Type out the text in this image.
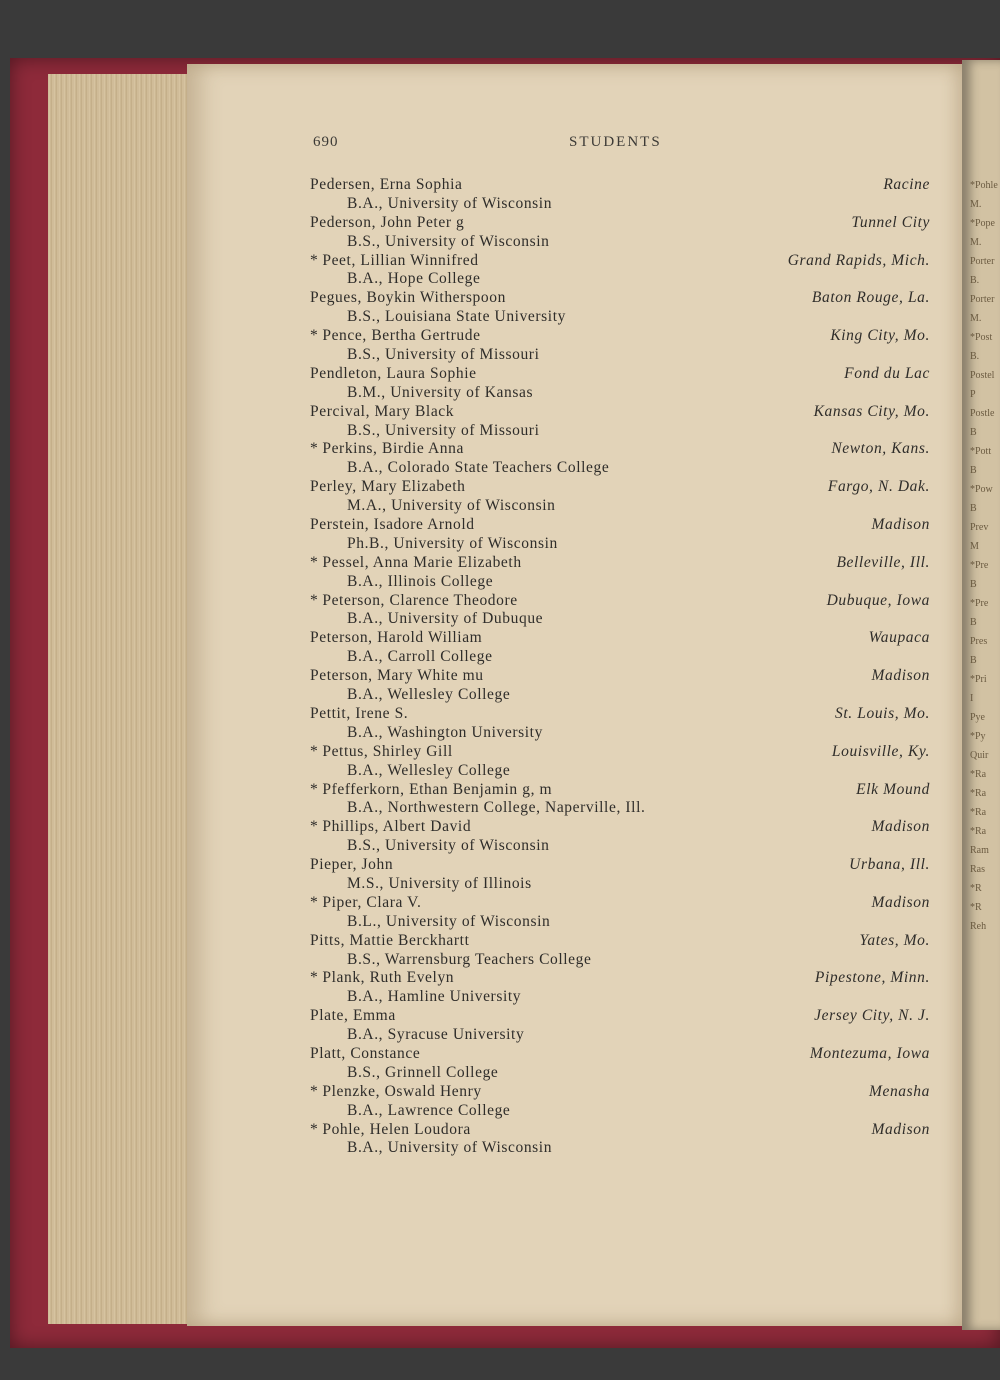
*Pohle
M.
*Pope
M.
Porter
B.
Porter
M.
*Post
B.
Postel
P
Postle
B
*Pott
B
*Pow
B
Prev
M
*Pre
B
*Pre
B
Pres
B
*Pri
I
Pye
*Py
Quir
*Ra
*Ra
*Ra
*Ra
Ram
Ras
*R
*R
Reh
690	STUDENTS
Pedersen, Erna Sophia	Racine
B.A., University of Wisconsin
Pederson, John Peter g	Tunnel City
B.S., University of Wisconsin
* Peet, Lillian Winnifred	Grand Rapids, Mich.
B.A., Hope College
Pegues, Boykin Witherspoon	Baton Rouge, La.
B.S., Louisiana State University
* Pence, Bertha Gertrude	King City, Mo.
B.S., University of Missouri
Pendleton, Laura Sophie	Fond du Lac
B.M., University of Kansas
Percival, Mary Black	Kansas City, Mo.
B.S., University of Missouri
* Perkins, Birdie Anna	Newton, Kans.
B.A., Colorado State Teachers College
Perley, Mary Elizabeth	Fargo, N. Dak.
M.A., University of Wisconsin
Perstein, Isadore Arnold	Madison
Ph.B., University of Wisconsin
* Pessel, Anna Marie Elizabeth	Belleville, Ill.
B.A., Illinois College
* Peterson, Clarence Theodore	Dubuque, Iowa
B.A., University of Dubuque
Peterson, Harold William	Waupaca
B.A., Carroll College
Peterson, Mary White mu	Madison
B.A., Wellesley College
Pettit, Irene S.	St. Louis, Mo.
B.A., Washington University
* Pettus, Shirley Gill	Louisville, Ky.
B.A., Wellesley College
* Pfefferkorn, Ethan Benjamin g, m	Elk Mound
B.A., Northwestern College, Naperville, Ill.
* Phillips, Albert David	Madison
B.S., University of Wisconsin
Pieper, John	Urbana, Ill.
M.S., University of Illinois
* Piper, Clara V.	Madison
B.L., University of Wisconsin
Pitts, Mattie Berckhartt	Yates, Mo.
B.S., Warrensburg Teachers College
* Plank, Ruth Evelyn	Pipestone, Minn.
B.A., Hamline University
Plate, Emma	Jersey City, N. J.
B.A., Syracuse University
Platt, Constance	Montezuma, Iowa
B.S., Grinnell College
* Plenzke, Oswald Henry	Menasha
B.A., Lawrence College
* Pohle, Helen Loudora	Madison
B.A., University of Wisconsin
